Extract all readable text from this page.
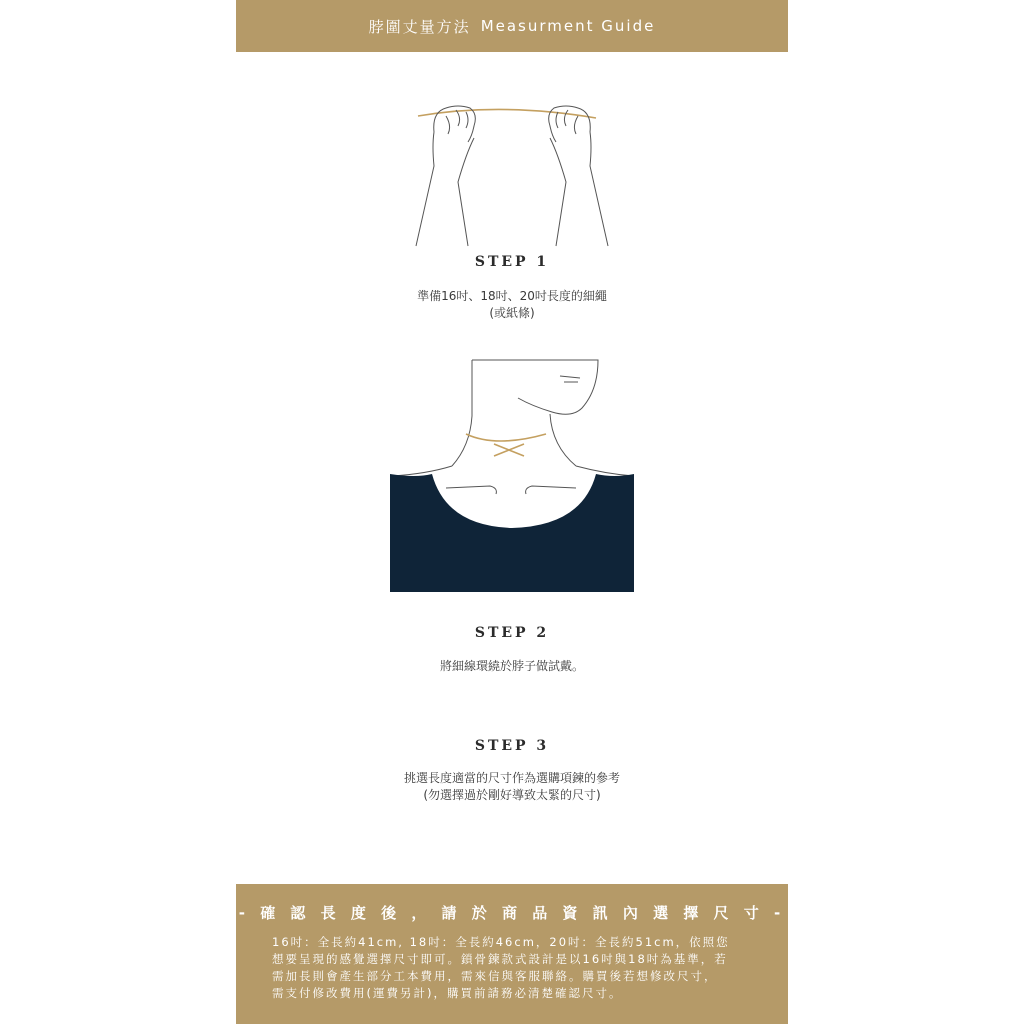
脖圍丈量方法 Measurment Guide
STEP 1
準備16吋、18吋、20吋長度的細繩
(或紙條)
STEP 2
將細線環繞於脖子做試戴。
STEP 3
挑選長度適當的尺寸作為選購項鍊的參考
(勿選擇過於剛好導致太緊的尺寸)
- 確 認 長 度 後 ， 請 於 商 品 資 訊 內 選 擇 尺 寸 -
16吋：全長約41cm, 18吋：全長約46cm，20吋：全長約51cm，依照您
想要呈現的感覺選擇尺寸即可。鎖骨鍊款式設計是以16吋與18吋為基準，若
需加長則會產生部分工本費用，需來信與客服聯絡。購買後若想修改尺寸，
需支付修改費用(運費另計)，購買前請務必清楚確認尺寸。
